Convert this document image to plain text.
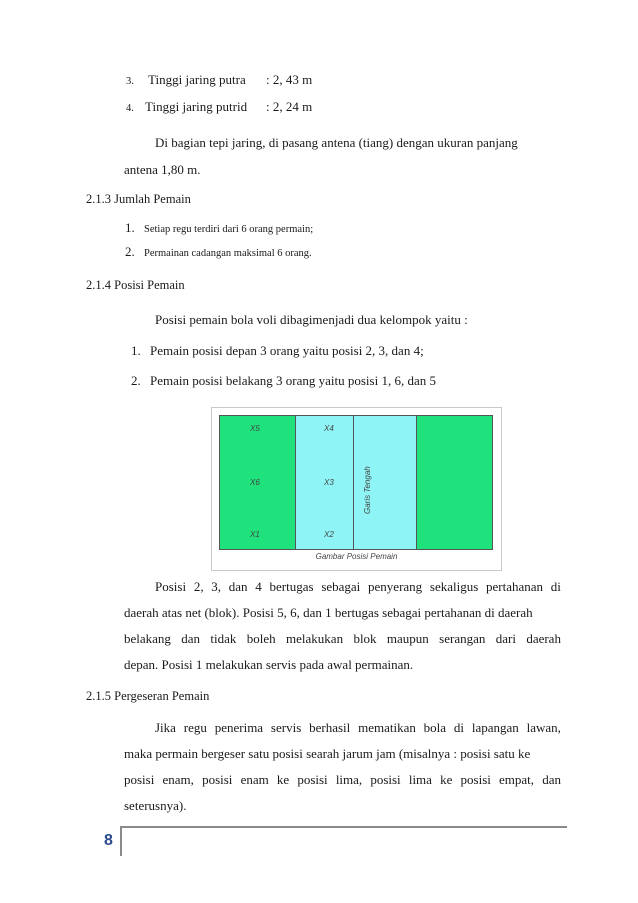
3. Tinggi jaring putra : 2, 43 m
4. Tinggi jaring putrid : 2, 24 m
Di bagian tepi jaring, di pasang antena (tiang) dengan ukuran panjang
antena 1,80 m.
2.1.3 Jumlah Pemain
1. Setiap regu terdiri dari 6 orang permain;
2. Permainan cadangan maksimal 6 orang.
2.1.4 Posisi Pemain
Posisi pemain bola voli dibagimenjadi dua kelompok yaitu :
1. Pemain posisi depan 3 orang yaitu posisi 2, 3, dan 4;
2. Pemain posisi belakang 3 orang yaitu posisi 1, 6, dan 5
X5	X4
X6	X3
X1	X2
Garis Tengah
Gambar Posisi Pemain
Posisi 2, 3, dan 4 bertugas sebagai penyerang sekaligus pertahanan di
daerah atas net (blok). Posisi 5, 6, dan 1 bertugas sebagai pertahanan di daerah
belakang dan tidak boleh melakukan blok maupun serangan dari daerah
depan. Posisi 1 melakukan servis pada awal permainan.
2.1.5 Pergeseran Pemain
Jika regu penerima servis berhasil mematikan bola di lapangan lawan,
maka permain bergeser satu posisi searah jarum jam (misalnya : posisi satu ke
posisi enam, posisi enam ke posisi lima, posisi lima ke posisi empat, dan
seterusnya).
8
